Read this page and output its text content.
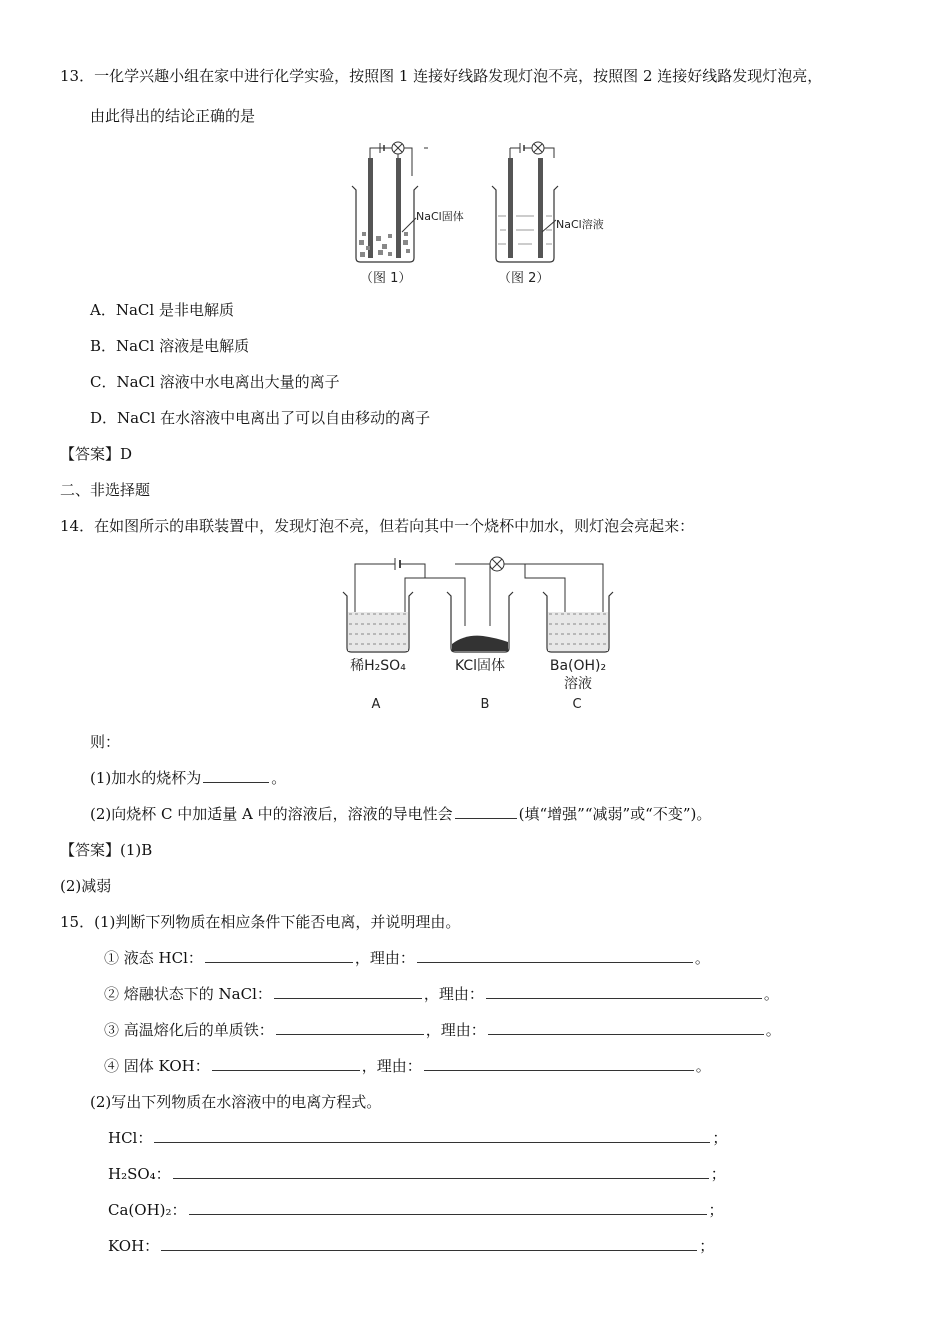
13．一化学兴趣小组在家中进行化学实验，按照图 1 连接好线路发现灯泡不亮，按照图 2 连接好线路发现灯泡亮，
由此得出的结论正确的是
NaCl固体
（图 1）
NaCl溶液
（图 2）
A．NaCl 是非电解质
B．NaCl 溶液是电解质
C．NaCl 溶液中水电离出大量的离子
D．NaCl 在水溶液中电离出了可以自由移动的离子
【答案】D
二、非选择题
14．在如图所示的串联装置中，发现灯泡不亮，但若向其中一个烧杯中加水，则灯泡会亮起来：
稀H₂SO₄	KCl固体	Ba(OH)₂
溶液
A	B	C
则：
(1)加水的烧杯为	。
(2)向烧杯 C 中加适量 A 中的溶液后，溶液的导电性会	(填“增强”“减弱”或“不变”)。
【答案】(1)B
(2)减弱
15．(1)判断下列物质在相应条件下能否电离，并说明理由。
① 液态 HCl：	，理由：	。
② 熔融状态下的 NaCl：	，理由：	。
③ 高温熔化后的单质铁：	，理由：	。
④ 固体 KOH：	，理由：	。
(2)写出下列物质在水溶液中的电离方程式。
HCl：	；
H₂SO₄：	；
Ca(OH)₂：	；
KOH：	；
